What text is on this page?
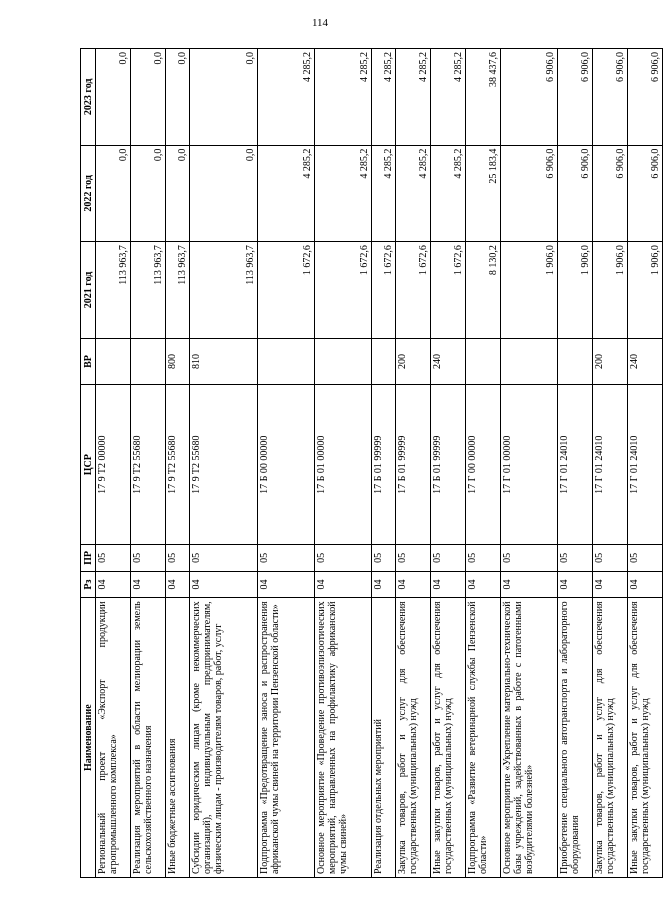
114
Наименование	Рз	ПР	ЦСР	ВР	2021 год	2022 год	2023 год
Региональный проект «Экспорт продукции агропромышленного комплекса»	04	05	17 9 T2 00000		113 963,7	0,0	0,0
Реализация мероприятий в области мелиорации земель сельскохозяйственного назначения	04	05	17 9 T2 55680		113 963,7	0,0	0,0
Иные бюджетные ассигнования	04	05	17 9 T2 55680	800	113 963,7	0,0	0,0
Субсидии юридическим лицам (кроме некоммерческих организаций), индивидуальным предпринимателям, физическим лицам - производителям товаров, работ, услуг	04	05	17 9 T2 55680	810	113 963,7	0,0	0,0
Подпрограмма «Предотвращение заноса и распространения африканской чумы свиней на территории Пензенской области»	04	05	17 Б 00 00000		1 672,6	4 285,2	4 285,2
Основное мероприятие «Проведение противоэпизоотических мероприятий, направленных на профилактику африканской чумы свиней»	04	05	17 Б 01 00000		1 672,6	4 285,2	4 285,2
Реализация отдельных мероприятий	04	05	17 Б 01 99999		1 672,6	4 285,2	4 285,2
Закупка товаров, работ и услуг для обеспечения государственных (муниципальных) нужд	04	05	17 Б 01 99999	200	1 672,6	4 285,2	4 285,2
Иные закупки товаров, работ и услуг для обеспечения государственных (муниципальных) нужд	04	05	17 Б 01 99999	240	1 672,6	4 285,2	4 285,2
Подпрограмма «Развитие ветеринарной службы Пензенской области»	04	05	17 Г 00 00000		8 130,2	25 183,4	38 437,6
Основное мероприятие «Укрепление материально-технической базы учреждений, задействованных в работе с патогенными возбудителями болезней»	04	05	17 Г 01 00000		1 906,0	6 906,0	6 906,0
Приобретение специального автотранспорта и лабораторного оборудования	04	05	17 Г 01 24010		1 906,0	6 906,0	6 906,0
Закупка товаров, работ и услуг для обеспечения государственных (муниципальных) нужд	04	05	17 Г 01 24010	200	1 906,0	6 906,0	6 906,0
Иные закупки товаров, работ и услуг для обеспечения государственных (муниципальных) нужд	04	05	17 Г 01 24010	240	1 906,0	6 906,0	6 906,0
